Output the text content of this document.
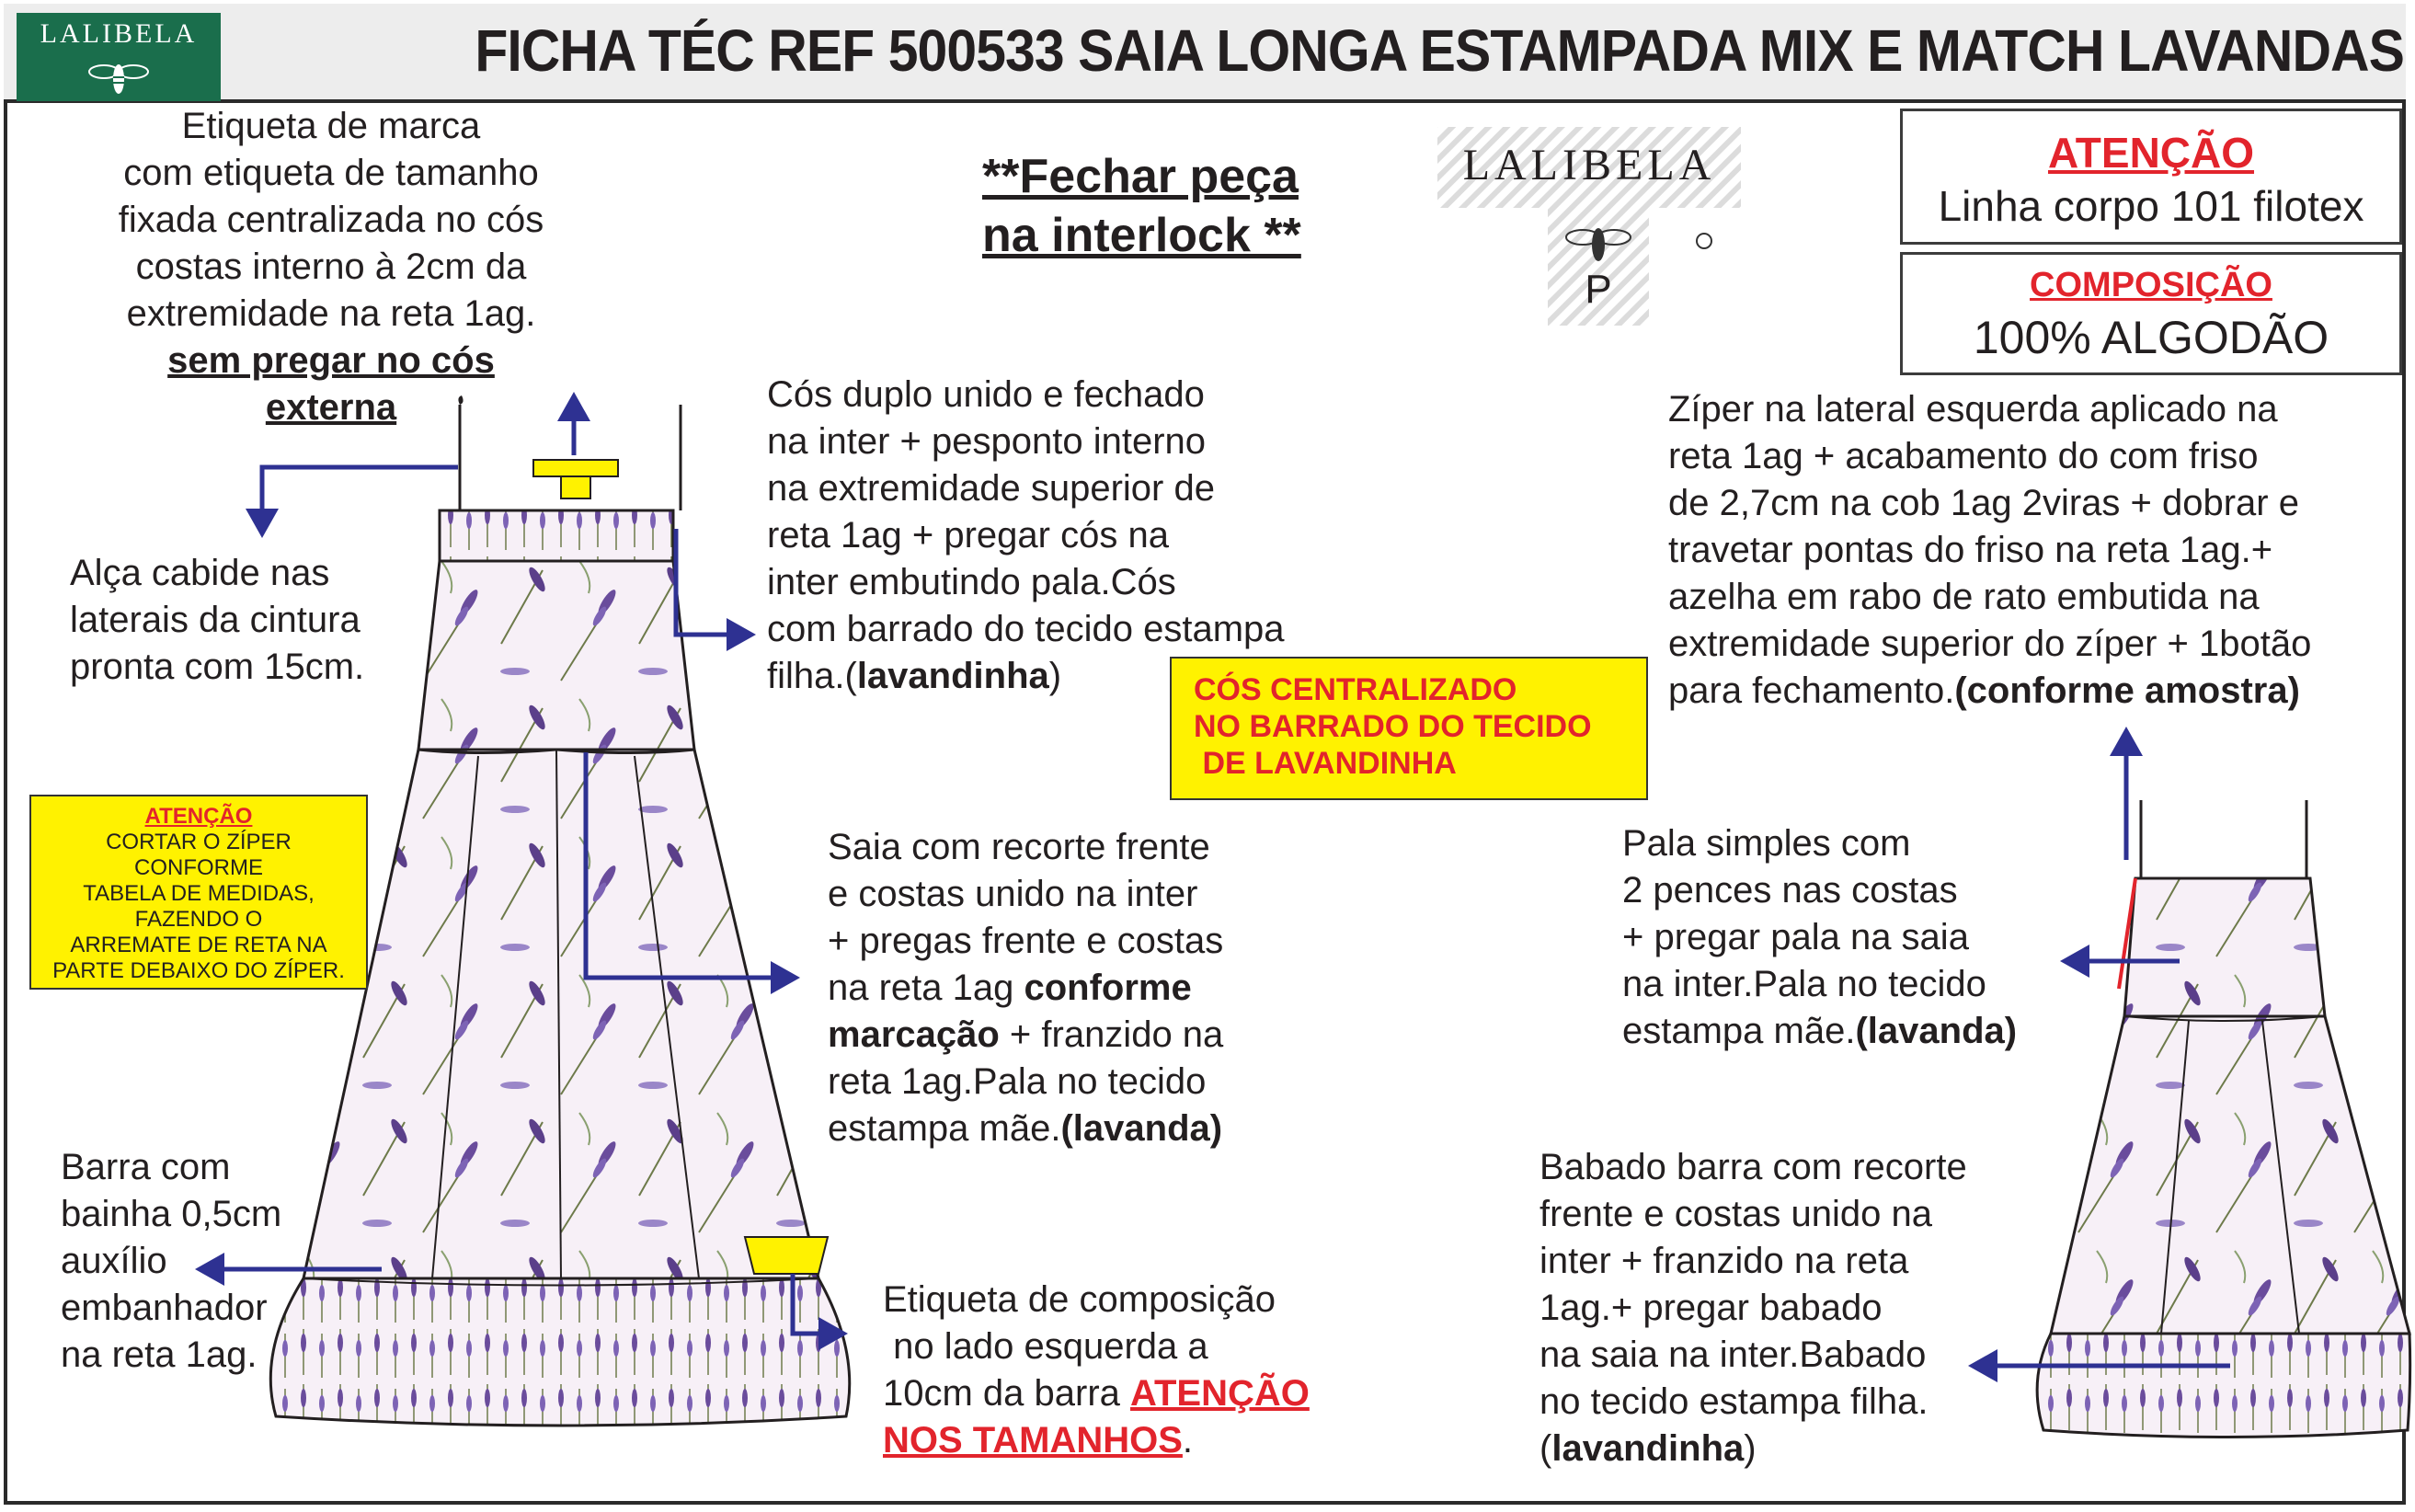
LALIBELA	FICHA TÉC REF 500533 SAIA LONGA ESTAMPADA MIX E MATCH LAVANDAS
LALIBELA
P
ATENÇÃO
Linha corpo 101 filotex
COMPOSIÇÃO
100% ALGODÃO
**Fechar peça
na interlock **
Etiqueta de marca
com etiqueta de tamanho
fixada centralizada no cós
costas interno à 2cm da
extremidade na reta 1ag.
sem pregar no cós externa
Alça cabide nas
laterais da cintura
pronta com 15cm.
Cós duplo unido e fechado
na inter + pesponto interno
na extremidade superior de
reta 1ag + pregar cós na
inter embutindo pala.Cós
com barrado do tecido estampa
filha.(lavandinha)	CÓS CENTRALIZADO
NO BARRADO DO TECIDO
DE LAVANDINHA
Zíper na lateral esquerda aplicado na
reta 1ag + acabamento do com friso
de 2,7cm na cob 1ag 2viras + dobrar e
travetar pontas do friso na reta 1ag.+
azelha em rabo de rato embutida na
extremidade superior do zíper + 1botão
para fechamento.(conforme amostra)
ATENÇÃO
CORTAR O ZÍPER
CONFORME
TABELA DE MEDIDAS,
FAZENDO O
ARREMATE DE RETA NA
PARTE DEBAIXO DO ZÍPER.
Saia com recorte frente
e costas unido na inter
+ pregas frente e costas
na reta 1ag conforme
marcação + franzido na
reta 1ag.Pala no tecido
estampa mãe.(lavanda)
Pala simples com
2 pences nas costas
+ pregar pala na saia
na inter.Pala no tecido
estampa mãe.(lavanda)
Barra com
bainha 0,5cm
auxílio
embanhador
na reta 1ag.
Etiqueta de composição
no lado esquerda a
10cm da barra ATENÇÃO
NOS TAMANHOS.
Babado barra com recorte
frente e costas unido na
inter + franzido na reta
1ag.+ pregar babado
na saia na inter.Babado
no tecido estampa filha.
(lavandinha)
